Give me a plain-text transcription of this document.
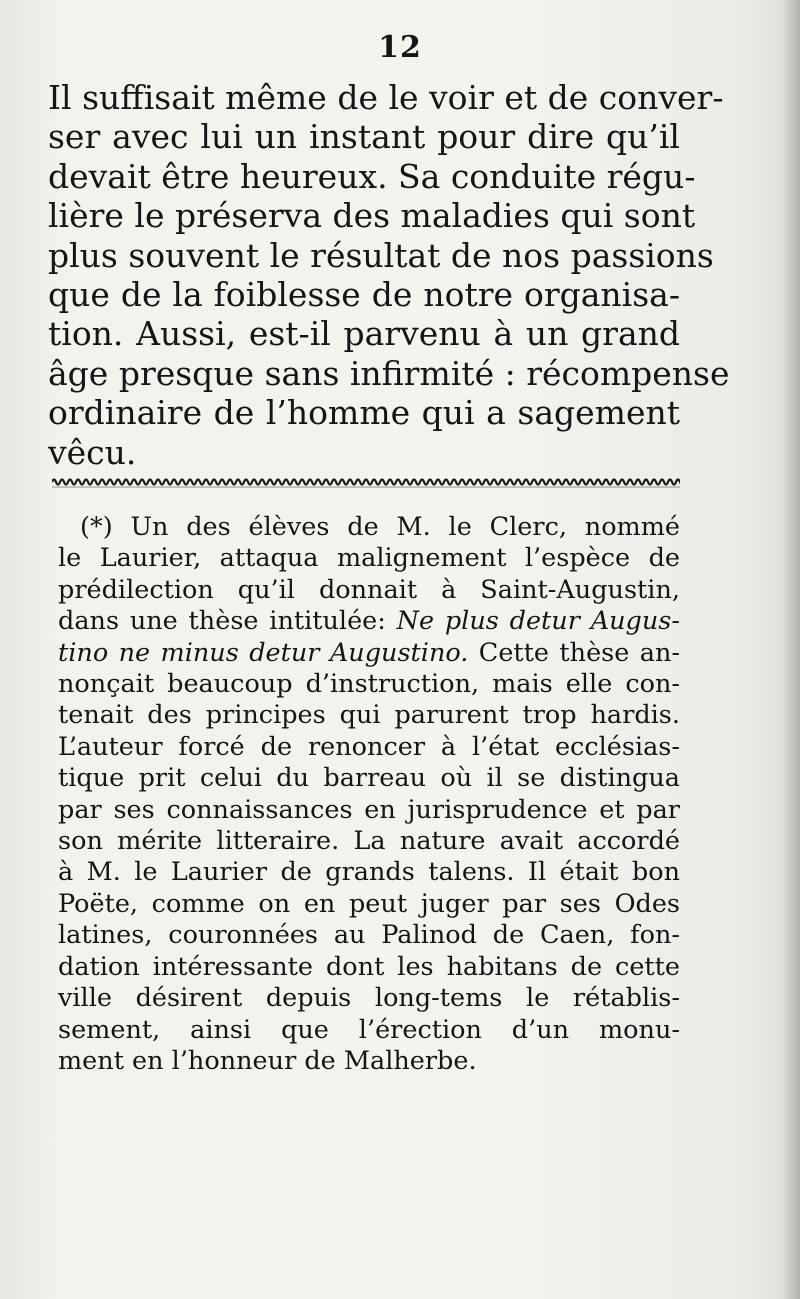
12
Il suffisait même de le voir et de conver-
ser avec lui un instant pour dire qu’il
devait être heureux. Sa conduite régu-
lière le préserva des maladies qui sont
plus souvent le résultat de nos passions
que de la foiblesse de notre organisa-
tion. Aussi, est-il parvenu à un grand
âge presque sans infirmité : récompense
ordinaire de l’homme qui a sagement
vêcu.
(*) Un des élèves de M. le Clerc, nommé
le Laurier, attaqua malignement l’espèce de
prédilection qu’il donnait à Saint-Augustin,
dans une thèse intitulée: Ne plus detur Augus-
tino ne minus detur Augustino. Cette thèse an-
nonçait beaucoup d’instruction, mais elle con-
tenait des principes qui parurent trop hardis.
L’auteur forcé de renoncer à l’état ecclésias-
tique prit celui du barreau où il se distingua
par ses connaissances en jurisprudence et par
son mérite litteraire. La nature avait accordé
à M. le Laurier de grands talens. Il était bon
Poëte, comme on en peut juger par ses Odes
latines, couronnées au Palinod de Caen, fon-
dation intéressante dont les habitans de cette
ville désirent depuis long-tems le rétablis-
sement, ainsi que l’érection d’un monu-
ment en l’honneur de Malherbe.
